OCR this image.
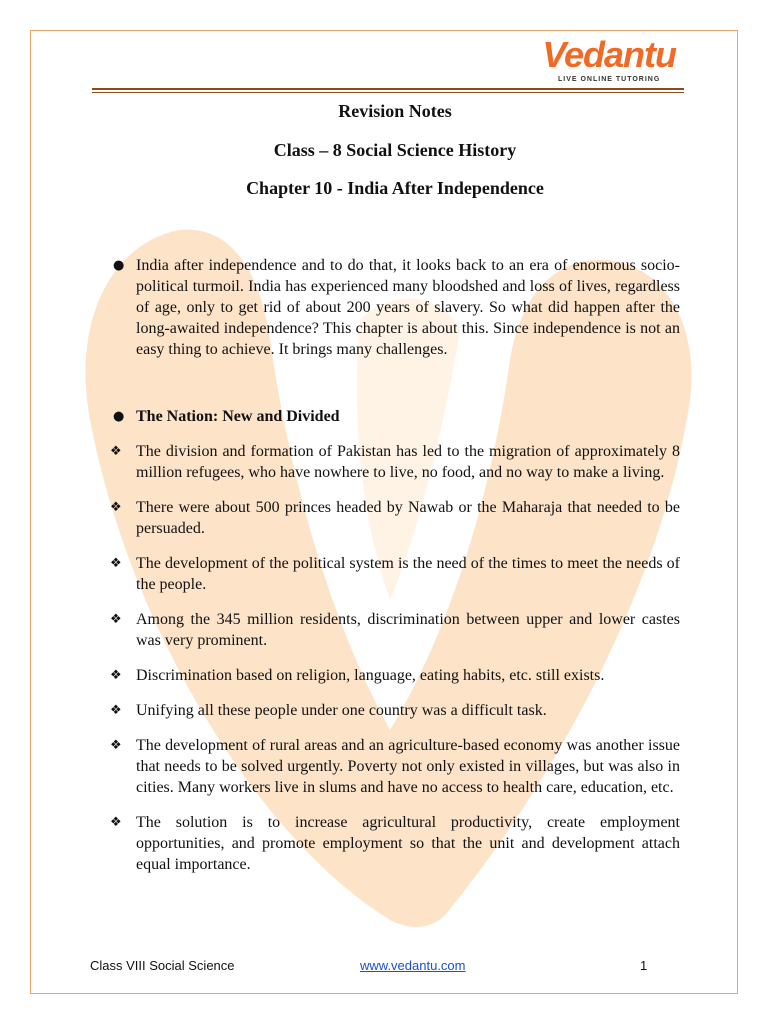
Vedantu
LIVE ONLINE TUTORING

Revision Notes

Class – 8 Social Science History

Chapter 10 - India After Independence

● India after independence and to do that, it looks back to an era of enormous socio- political turmoil. India has experienced many bloodshed and loss of lives, regardless of age, only to get rid of about 200 years of slavery. So what did happen after the long-awaited independence? This chapter is about this. Since independence is not an easy thing to achieve. It brings many challenges.
● The Nation: New and Divided
❖ The division and formation of Pakistan has led to the migration of approximately 8 million refugees, who have nowhere to live, no food, and no way to make a living.
❖ There were about 500 princes headed by Nawab or the Maharaja that needed to be persuaded.
❖ The development of the political system is the need of the times to meet the needs of the people.
❖ Among the 345 million residents, discrimination between upper and lower castes was very prominent.
❖ Discrimination based on religion, language, eating habits, etc. still exists.
❖ Unifying all these people under one country was a difficult task.
❖ The development of rural areas and an agriculture-based economy was another issue that needs to be solved urgently. Poverty not only existed in villages, but was also in cities. Many workers live in slums and have no access to health care, education, etc.
❖ The solution is to increase agricultural productivity, create employment opportunities, and promote employment so that the unit and development attach equal importance.
Class VIII Social Science	www.vedantu.com	1
